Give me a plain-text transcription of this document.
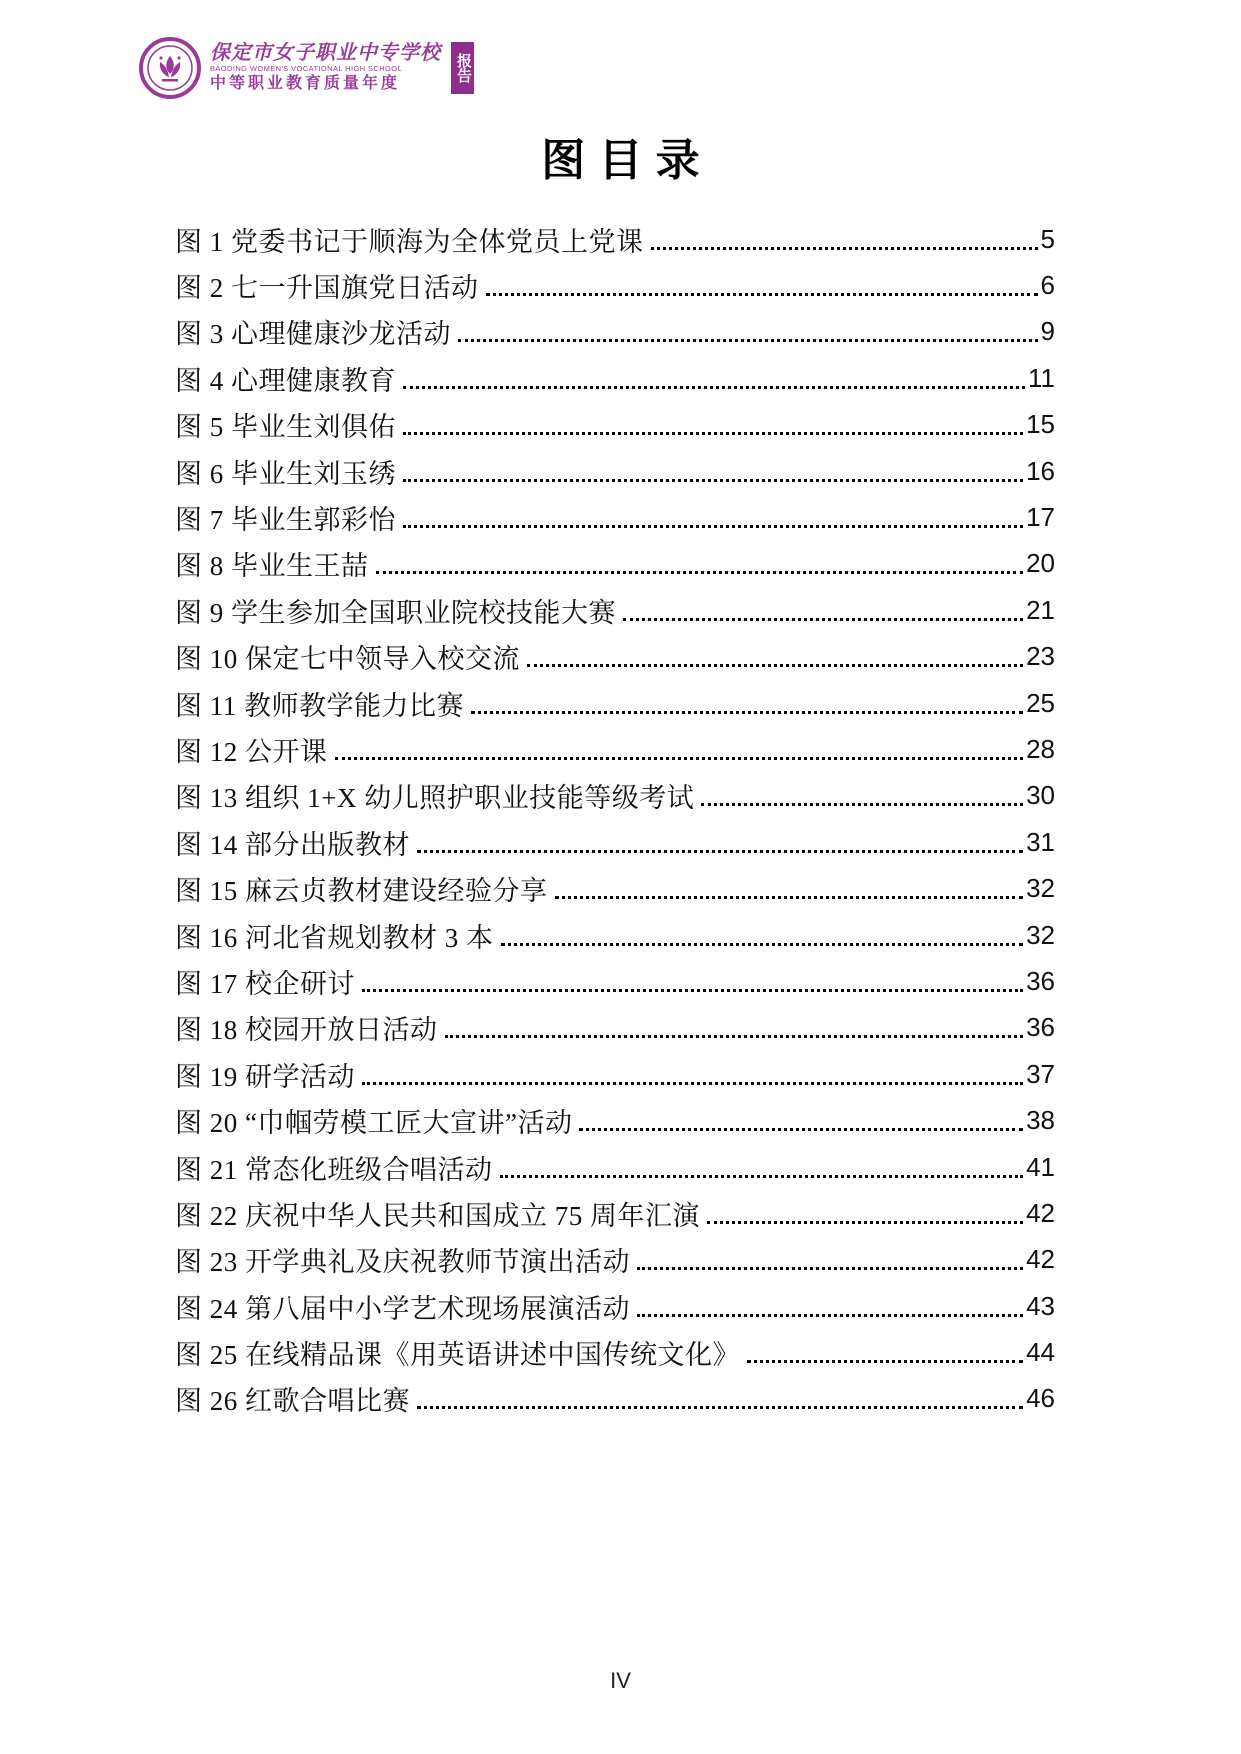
保定市女子职业中专学校
BAODING WOMEN'S VOCATIONAL HIGH SCHOOL
中等职业教育质量年度
报告
图目录
图 1 党委书记于顺海为全体党员上党课	5
图 2 七一升国旗党日活动	6
图 3 心理健康沙龙活动	9
图 4 心理健康教育	11
图 5 毕业生刘俱佑	15
图 6 毕业生刘玉绣	16
图 7 毕业生郭彩怡	17
图 8 毕业生王喆	20
图 9 学生参加全国职业院校技能大赛	21
图 10 保定七中领导入校交流	23
图 11 教师教学能力比赛	25
图 12 公开课	28
图 13 组织 1+X 幼儿照护职业技能等级考试	30
图 14 部分出版教材	31
图 15 麻云贞教材建设经验分享	32
图 16 河北省规划教材 3 本	32
图 17 校企研讨	36
图 18 校园开放日活动	36
图 19 研学活动	37
图 20 “巾帼劳模工匠大宣讲”活动	38
图 21 常态化班级合唱活动	41
图 22 庆祝中华人民共和国成立 75 周年汇演	42
图 23 开学典礼及庆祝教师节演出活动	42
图 24 第八届中小学艺术现场展演活动	43
图 25 在线精品课《用英语讲述中国传统文化》	44
图 26 红歌合唱比赛	46
IV
